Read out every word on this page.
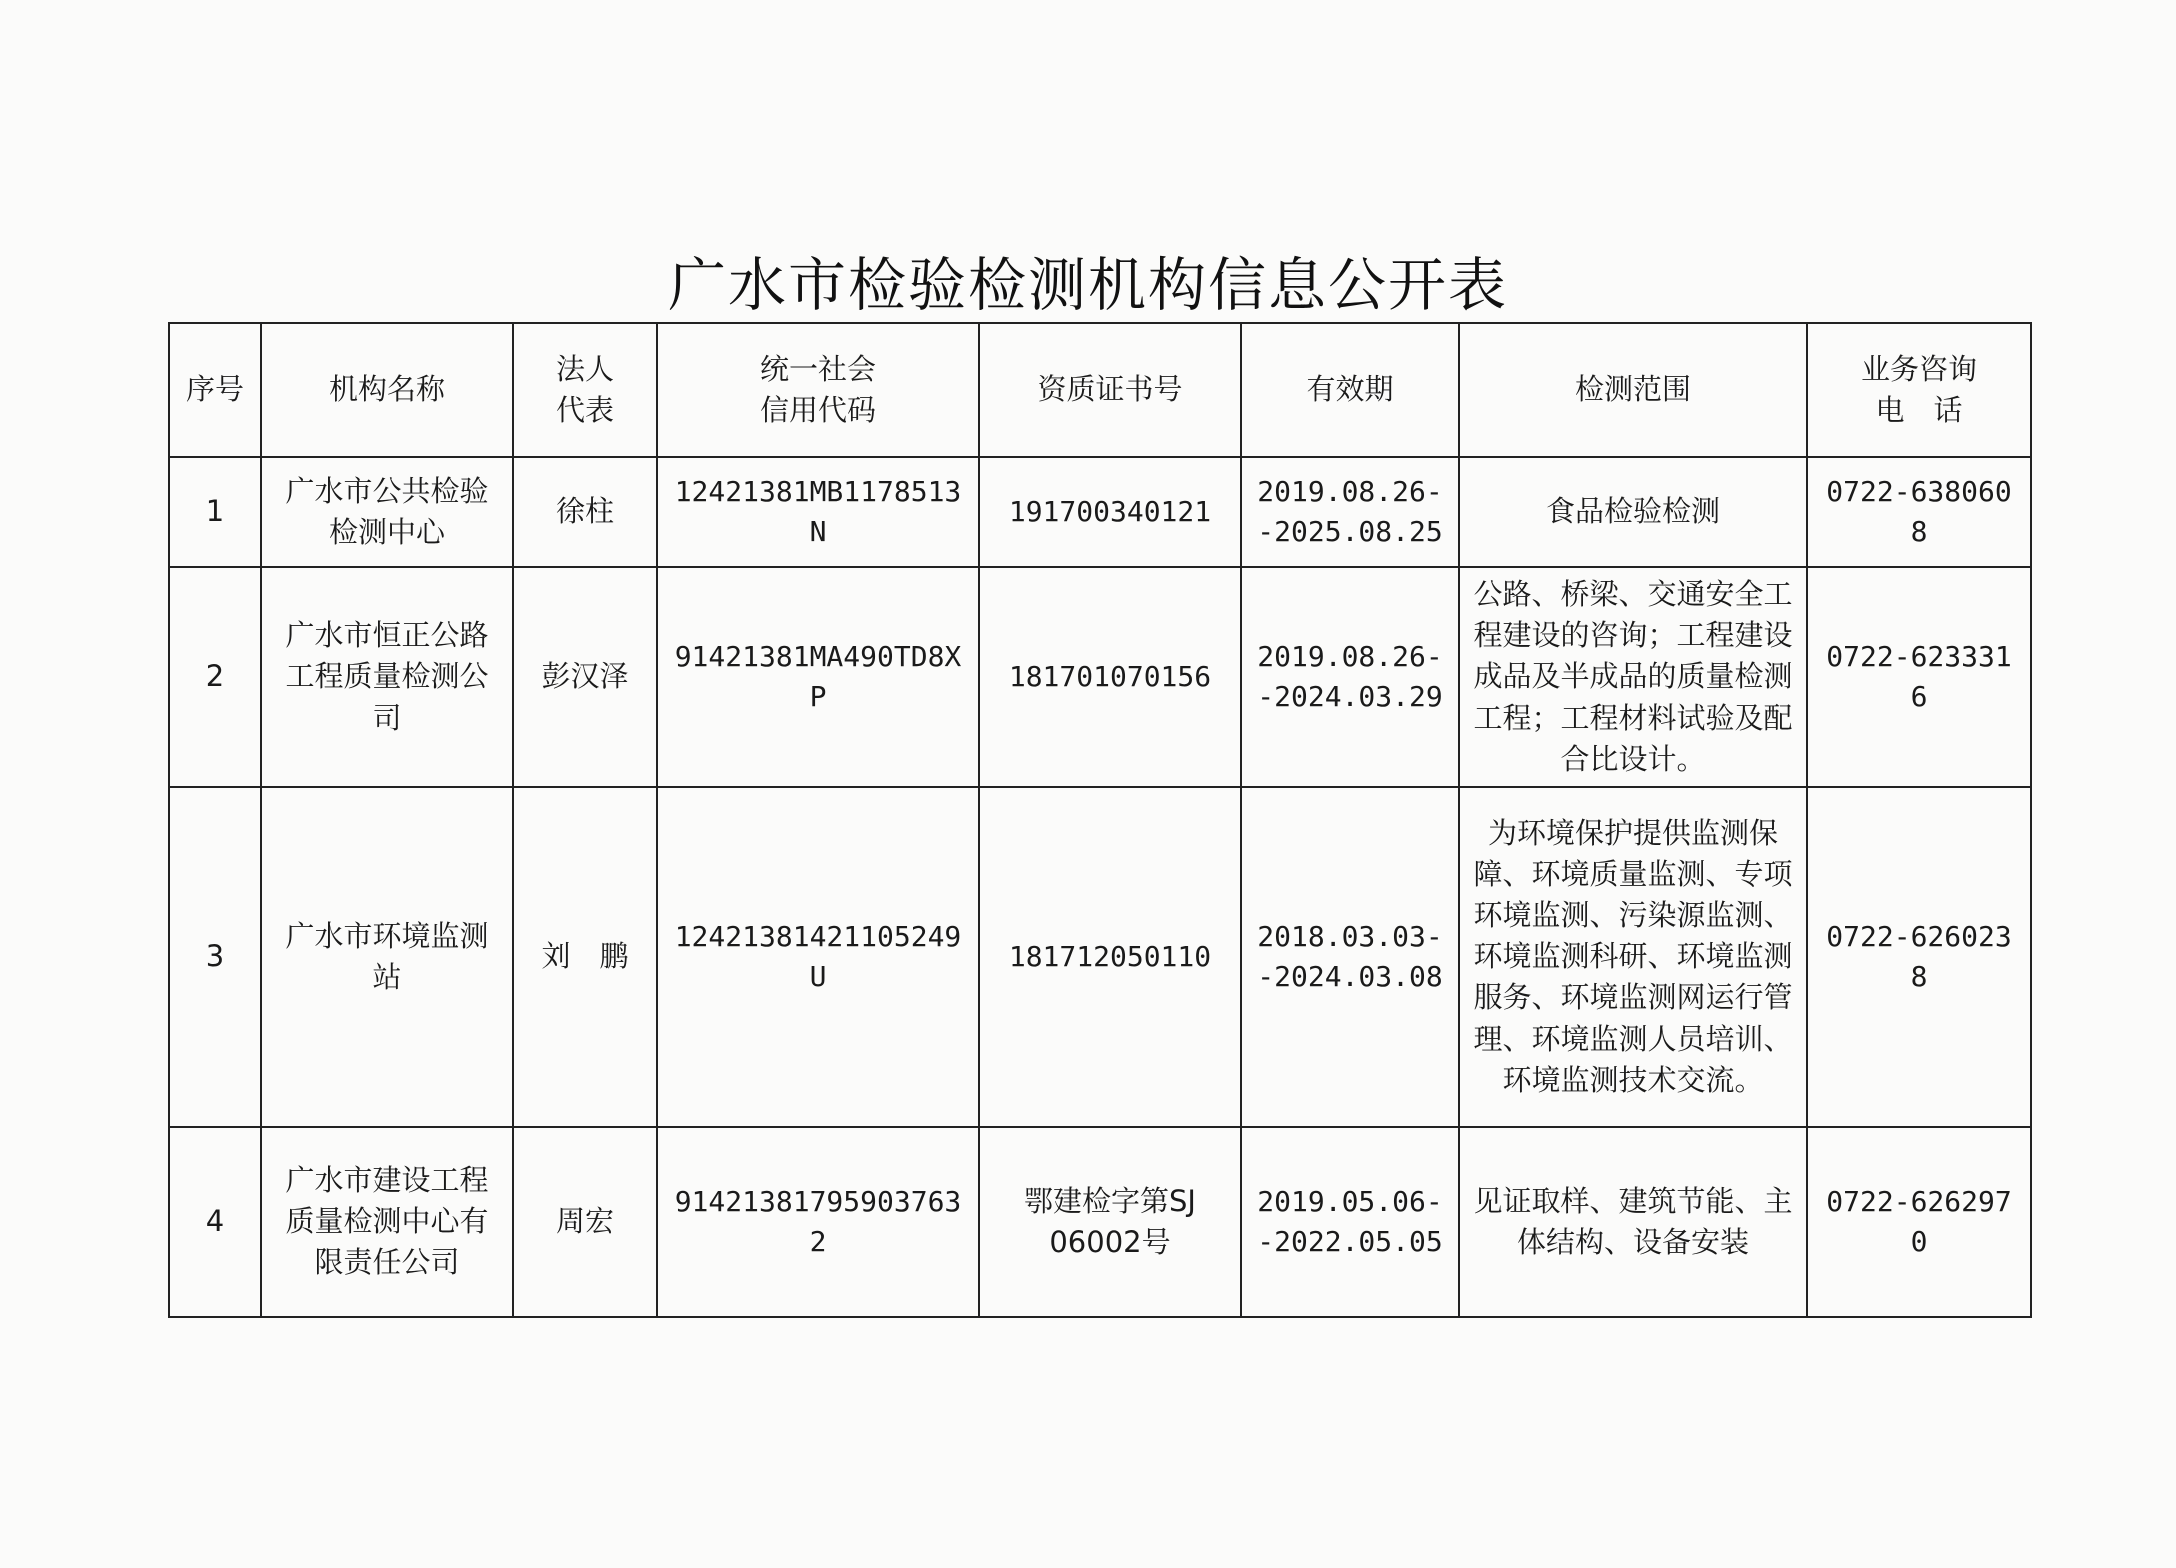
广水市检验检测机构信息公开表
序号	机构名称	法人代表	统一社会信用代码	资质证书号	有效期	检测范围	业务咨询电　话
1	广水市公共检验检测中心	徐柱	12421381MB1178513N	191700340121	2019.08.26--2025.08.25	食品检验检测	0722-6380608
2	广水市恒正公路工程质量检测公司	彭汉泽	91421381MA490TD8XP	181701070156	2019.08.26--2024.03.29	公路、桥梁、交通安全工程建设的咨询；工程建设成品及半成品的质量检测工程；工程材料试验及配合比设计。	0722-6233316
3	广水市环境监测站	刘　鹏	12421381421105249U	181712050110	2018.03.03--2024.03.08	为环境保护提供监测保障、环境质量监测、专项环境监测、污染源监测、环境监测科研、环境监测服务、环境监测网运行管理、环境监测人员培训、环境监测技术交流。	0722-6260238
4	广水市建设工程质量检测中心有限责任公司	周宏	914213817959037632	鄂建检字第SJ06002号	2019.05.06--2022.05.05	见证取样、建筑节能、主体结构、设备安装	0722-6262970
